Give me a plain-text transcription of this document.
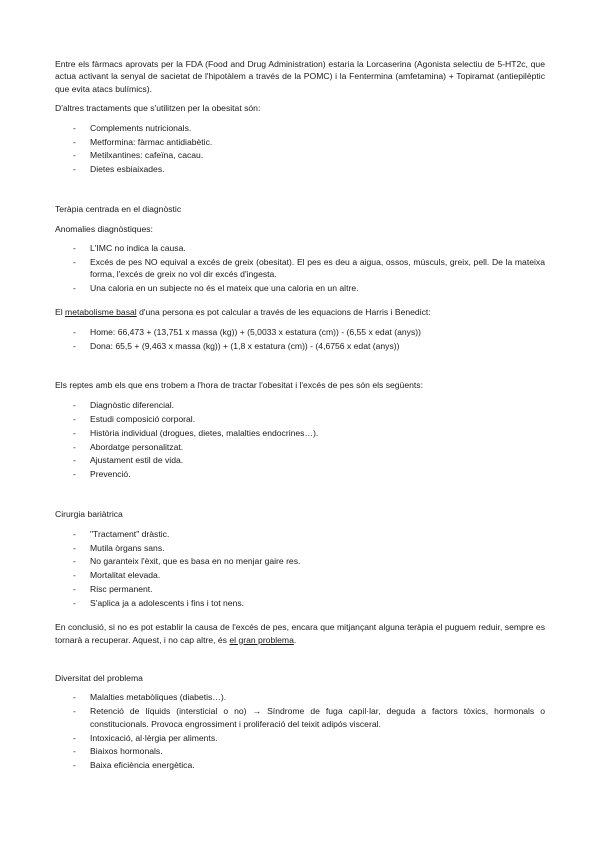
Entre els fàrmacs aprovats per la FDA (Food and Drug Administration) estaria la Lorcaserina (Agonista selectiu de 5-HT2c, que actua activant la senyal de sacietat de l'hipotàlem a través de la POMC) i la Fentermina (amfetamina) + Topiramat (antiepilèptic que evita atacs bulímics).

D'altres tractaments que s'utilitzen per la obesitat són:

- Complements nutricionals.
- Metformina: fàrmac antidiabètic.
- Metilxantines: cafeïna, cacau.
- Dietes esbiaixades.

Teràpia centrada en el diagnòstic

Anomalies diagnòstiques:

- L'IMC no indica la causa.
- Excés de pes NO equival a excés de greix (obesitat). El pes es deu a aigua, ossos, músculs, greix, pell. De la mateixa forma, l'excés de greix no vol dir excés d'ingesta.
- Una caloria en un subjecte no és el mateix que una caloria en un altre.

El metabolisme basal d'una persona es pot calcular a través de les equacions de Harris i Benedict:

- Home: 66,473 + (13,751 x massa (kg)) + (5,0033 x estatura (cm)) - (6,55 x edat (anys))
- Dona: 65,5 + (9,463 x massa (kg)) + (1,8 x estatura (cm)) - (4,6756 x edat (anys))

Els reptes amb els que ens trobem a l'hora de tractar l'obesitat i l'excés de pes són els següents:

- Diagnòstic diferencial.
- Estudi composició corporal.
- Història individual (drogues, dietes, malalties endocrines…).
- Abordatge personalitzat.
- Ajustament estil de vida.
- Prevenció.

Cirurgia bariàtrica

- "Tractament" dràstic.
- Mutila òrgans sans.
- No garanteix l'èxit, que es basa en no menjar gaire res.
- Mortalitat elevada.
- Risc permanent.
- S'aplica ja a adolescents i fins i tot nens.

En conclusió, si no es pot establir la causa de l'excés de pes, encara que mitjançant alguna teràpia el puguem reduir, sempre es tornarà a recuperar. Aquest, i no cap altre, és el gran problema.

Diversitat del problema

- Malalties metabòliques (diabetis…).
- Retenció de líquids (intersticial o no) → Síndrome de fuga capil·lar, deguda a factors tòxics, hormonals o constitucionals. Provoca engrossiment i proliferació del teixit adipós visceral.
- Intoxicació, al·lèrgia per aliments.
- Biaixos hormonals.
- Baixa eficiència energètica.
